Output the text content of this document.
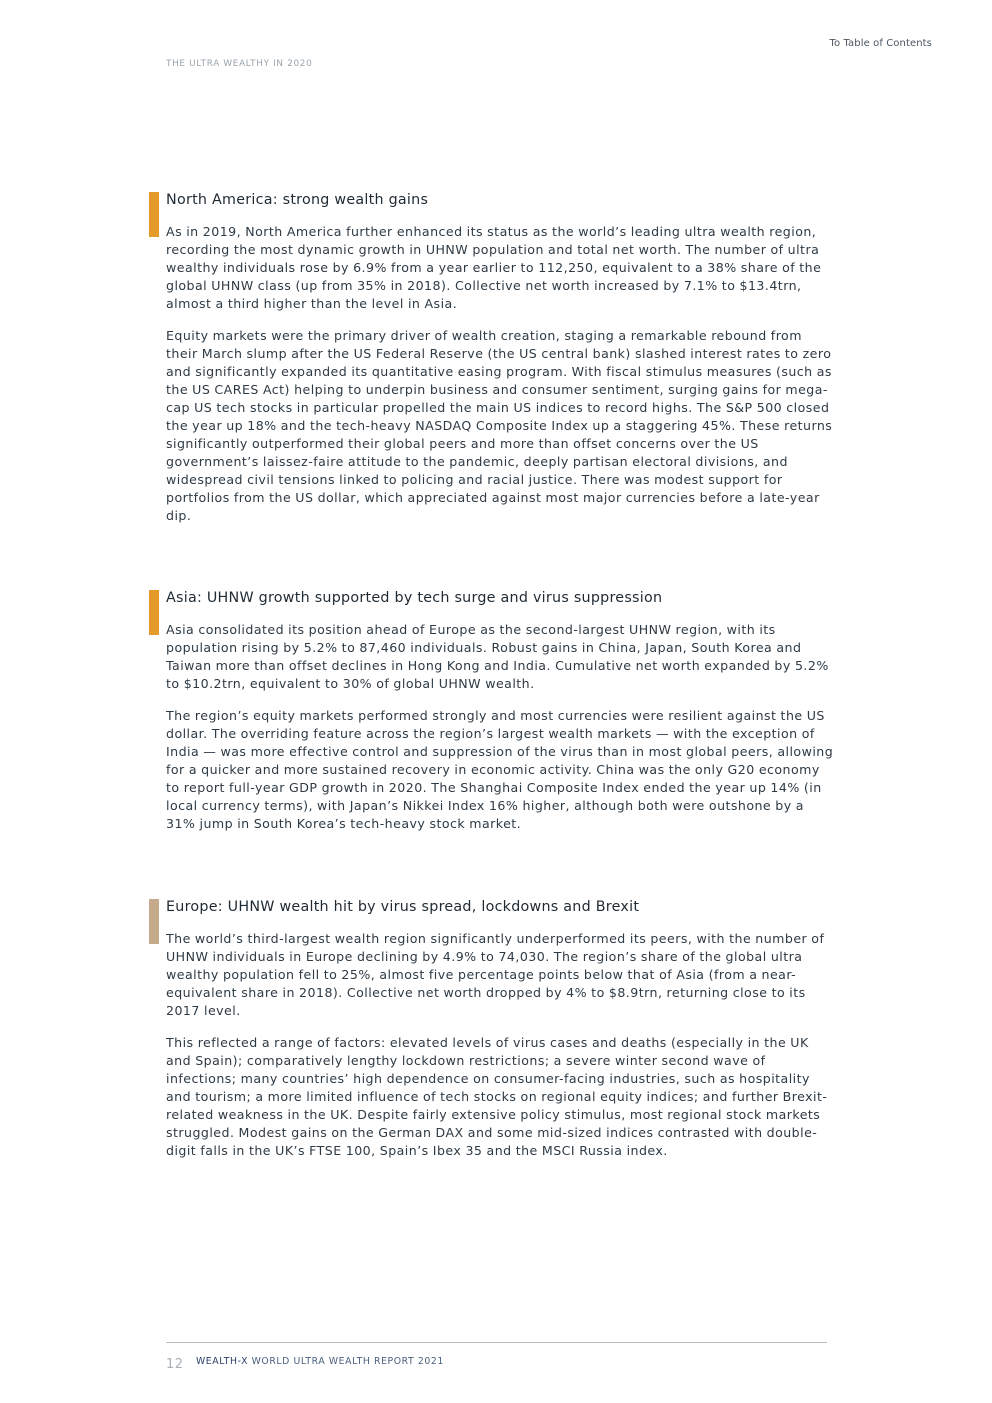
To Table of Contents
THE ULTRA WEALTHY IN 2020
North America: strong wealth gains

As in 2019, North America further enhanced its status as the world’s leading ultra wealth region, recording the most dynamic growth in UHNW population and total net worth. The number of ultra wealthy individuals rose by 6.9% from a year earlier to 112,250, equivalent to a 38% share of the global UHNW class (up from 35% in 2018). Collective net worth increased by 7.1% to $13.4trn, almost a third higher than the level in Asia.

Equity markets were the primary driver of wealth creation, staging a remarkable rebound from their March slump after the US Federal Reserve (the US central bank) slashed interest rates to zero and significantly expanded its quantitative easing program. With fiscal stimulus measures (such as the US CARES Act) helping to underpin business and consumer sentiment, surging gains for mega-cap US tech stocks in particular propelled the main US indices to record highs. The S&P 500 closed the year up 18% and the tech-heavy NASDAQ Composite Index up a staggering 45%. These returns significantly outperformed their global peers and more than offset concerns over the US government’s laissez-faire attitude to the pandemic, deeply partisan electoral divisions, and widespread civil tensions linked to policing and racial justice. There was modest support for portfolios from the US dollar, which appreciated against most major currencies before a late-year dip.

Asia: UHNW growth supported by tech surge and virus suppression

Asia consolidated its position ahead of Europe as the second-largest UHNW region, with its population rising by 5.2% to 87,460 individuals. Robust gains in China, Japan, South Korea and Taiwan more than offset declines in Hong Kong and India. Cumulative net worth expanded by 5.2% to $10.2trn, equivalent to 30% of global UHNW wealth.

The region’s equity markets performed strongly and most currencies were resilient against the US dollar. The overriding feature across the region’s largest wealth markets — with the exception of India — was more effective control and suppression of the virus than in most global peers, allowing for a quicker and more sustained recovery in economic activity. China was the only G20 economy to report full-year GDP growth in 2020. The Shanghai Composite Index ended the year up 14% (in local currency terms), with Japan’s Nikkei Index 16% higher, although both were outshone by a 31% jump in South Korea’s tech-heavy stock market.

Europe: UHNW wealth hit by virus spread, lockdowns and Brexit

The world’s third-largest wealth region significantly underperformed its peers, with the number of UHNW individuals in Europe declining by 4.9% to 74,030. The region’s share of the global ultra wealthy population fell to 25%, almost five percentage points below that of Asia (from a near-equivalent share in 2018). Collective net worth dropped by 4% to $8.9trn, returning close to its 2017 level.

This reflected a range of factors: elevated levels of virus cases and deaths (especially in the UK and Spain); comparatively lengthy lockdown restrictions; a severe winter second wave of infections; many countries’ high dependence on consumer-facing industries, such as hospitality and tourism; a more limited influence of tech stocks on regional equity indices; and further Brexit-related weakness in the UK. Despite fairly extensive policy stimulus, most regional stock markets struggled. Modest gains on the German DAX and some mid-sized indices contrasted with double-digit falls in the UK’s FTSE 100, Spain’s Ibex 35 and the MSCI Russia index.

12 WEALTH-X WORLD ULTRA WEALTH REPORT 2021
